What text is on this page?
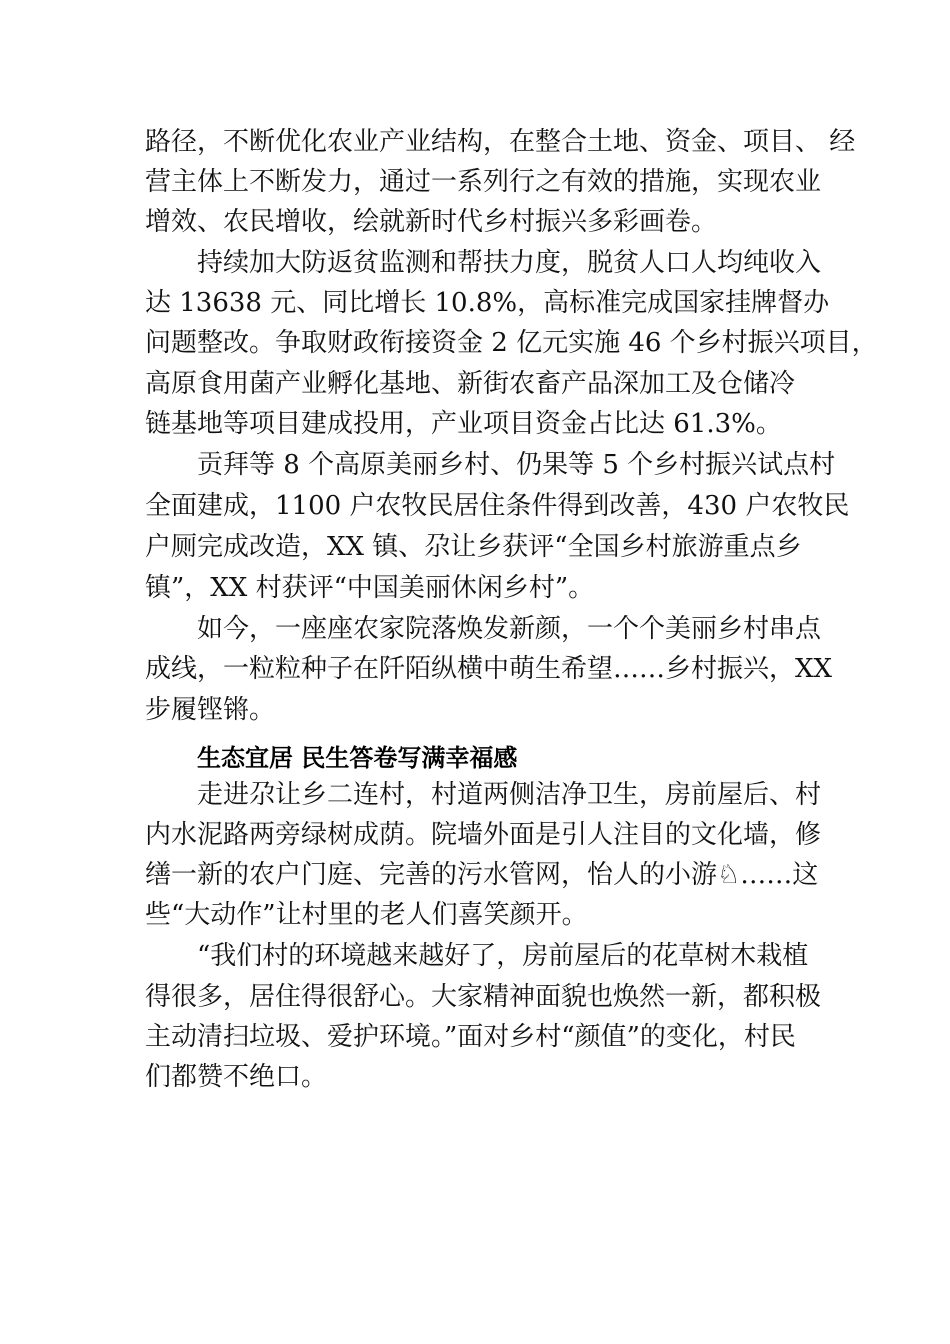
路径，不断优化农业产业结构，在整合土地、资金、项目、 经
营主体上不断发力，通过一系列行之有效的措施，实现农业
增效、农民增收，绘就新时代乡村振兴多彩画卷。
持续加大防返贫监测和帮扶力度，脱贫人口人均纯收入
达 13638 元、同比增长 10.8%，高标准完成国家挂牌督办
问题整改。争取财政衔接资金 2 亿元实施 46 个乡村振兴项目，
高原食用菌产业孵化基地、新街农畜产品深加工及仓储冷
链基地等项目建成投用，产业项目资金占比达 61.3%。
贡拜等 8 个高原美丽乡村、仍果等 5 个乡村振兴试点村
全面建成，1100 户农牧民居住条件得到改善，430 户农牧民
户厕完成改造，XX 镇、尕让乡获评“全国乡村旅游重点乡
镇”，XX 村获评“中国美丽休闲乡村”。
如今，一座座农家院落焕发新颜，一个个美丽乡村串点
成线，一粒粒种子在阡陌纵横中萌生希望……乡村振兴，XX
步履铿锵。
生态宜居 民生答卷写满幸福感
走进尕让乡二连村，村道两侧洁净卫生，房前屋后、村
内水泥路两旁绿树成荫。院墙外面是引人注目的文化墙，修
缮一新的农户门庭、完善的污水管网，怡人的小游♘……这
些“大动作”让村里的老人们喜笑颜开。
“我们村的环境越来越好了，房前屋后的花草树木栽植
得很多，居住得很舒心。大家精神面貌也焕然一新，都积极
主动清扫垃圾、爱护环境。”面对乡村“颜值”的变化，村民
们都赞不绝口。
